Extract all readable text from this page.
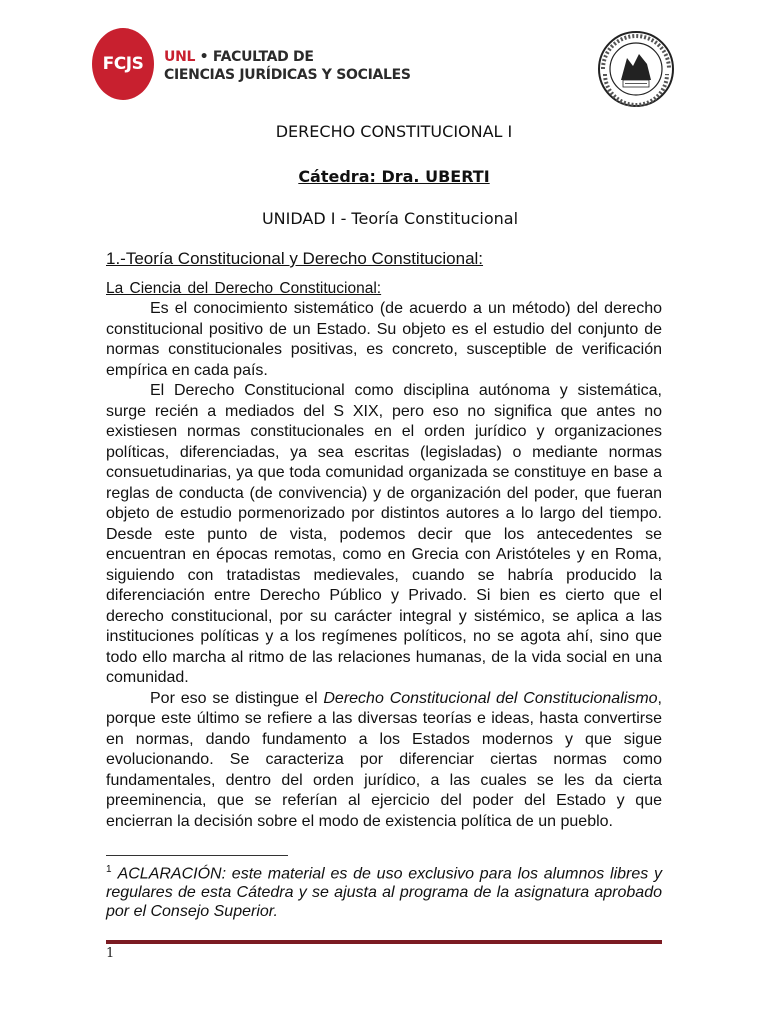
FCJS UNL • FACULTAD DE
CIENCIAS JURÍDICAS Y SOCIALES
DERECHO CONSTITUCIONAL I
Cátedra: Dra. UBERTI
UNIDAD I - Teoría Constitucional
1.-Teoría Constitucional y Derecho Constitucional:
La Ciencia del Derecho Constitucional:

Es el conocimiento sistemático (de acuerdo a un método) del derecho constitucional positivo de un Estado. Su objeto es el estudio del conjunto de normas constitucionales positivas, es concreto, susceptible de verificación empírica en cada país.

El Derecho Constitucional como disciplina autónoma y sistemática, surge recién a mediados del S XIX, pero eso no significa que antes no existiesen normas constitucionales en el orden jurídico y organizaciones políticas, diferenciadas, ya sea escritas (legisladas) o mediante normas consuetudinarias, ya que toda comunidad organizada se constituye en base a reglas de conducta (de convivencia) y de organización del poder, que fueran objeto de estudio pormenorizado por distintos autores a lo largo del tiempo. Desde este punto de vista, podemos decir que los antecedentes se encuentran en épocas remotas, como en Grecia con Aristóteles y en Roma, siguiendo con tratadistas medievales, cuando se habría producido la diferenciación entre Derecho Público y Privado. Si bien es cierto que el derecho constitucional, por su carácter integral y sistémico, se aplica a las instituciones políticas y a los regímenes políticos, no se agota ahí, sino que todo ello marcha al ritmo de las relaciones humanas, de la vida social en una comunidad.

Por eso se distingue el Derecho Constitucional del Constitucionalismo, porque este último se refiere a las diversas teorías e ideas, hasta convertirse en normas, dando fundamento a los Estados modernos y que sigue evolucionando. Se caracteriza por diferenciar ciertas normas como fundamentales, dentro del orden jurídico, a las cuales se les da cierta preeminencia, que se referían al ejercicio del poder del Estado y que encierran la decisión sobre el modo de existencia política de un pueblo.

$^1$ ACLARACIÓN: este material es de uso exclusivo para los alumnos libres y regulares de esta Cátedra y se ajusta al programa de la asignatura aprobado por el Consejo Superior.
1
